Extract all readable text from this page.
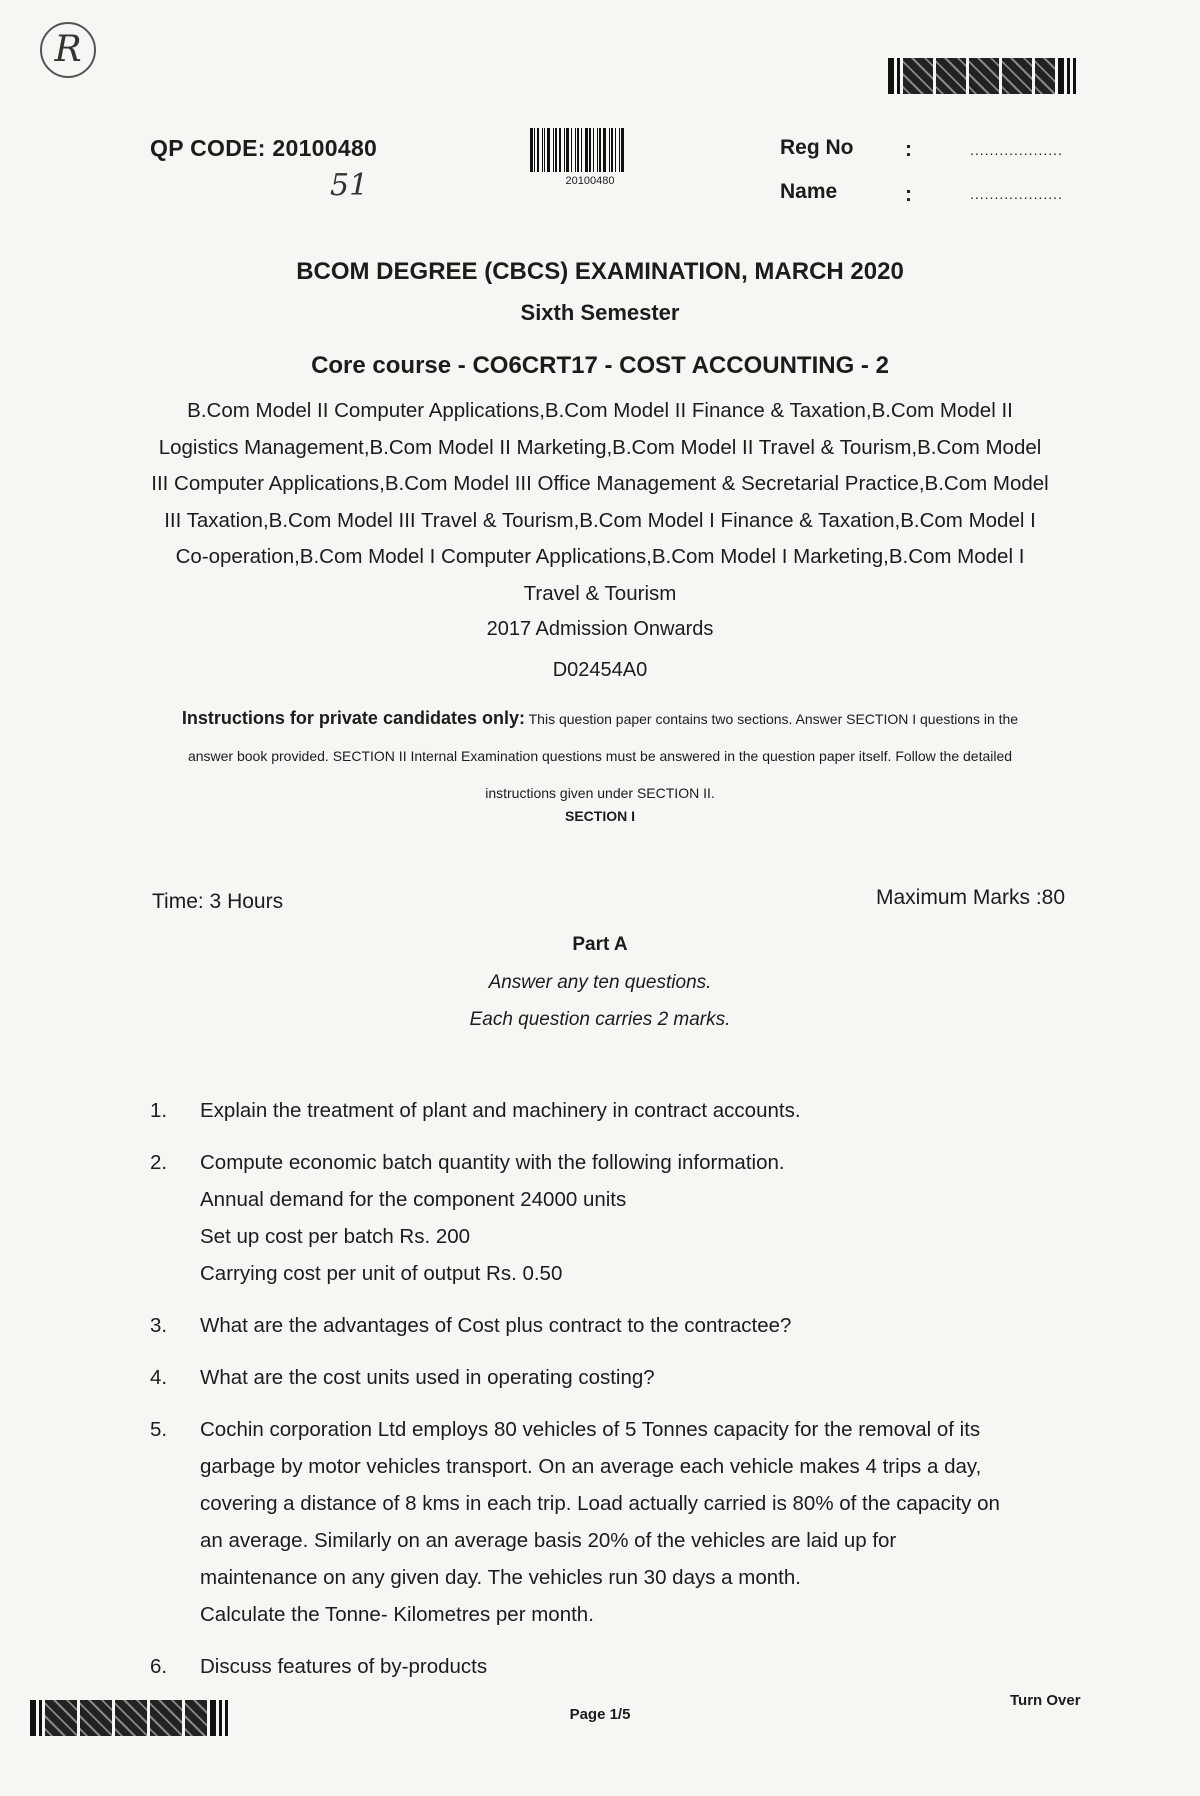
R
51
QP CODE: 20100480
20100480
Reg No :	...................
Name	:	...................
BCOM DEGREE (CBCS) EXAMINATION, MARCH 2020
Sixth Semester
Core course - CO6CRT17 - COST ACCOUNTING - 2
B.Com Model II Computer Applications,B.Com Model II Finance & Taxation,B.Com Model II
Logistics Management,B.Com Model II Marketing,B.Com Model II Travel & Tourism,B.Com Model
III Computer Applications,B.Com Model III Office Management & Secretarial Practice,B.Com Model
III Taxation,B.Com Model III Travel & Tourism,B.Com Model I Finance & Taxation,B.Com Model I
Co-operation,B.Com Model I Computer Applications,B.Com Model I Marketing,B.Com Model I
Travel & Tourism
2017 Admission Onwards
D02454A0
Instructions for private candidates only: This question paper contains two sections. Answer SECTION I questions in the
answer book provided. SECTION II Internal Examination questions must be answered in the question paper itself. Follow the detailed
instructions given under SECTION II.
SECTION I
Time: 3 Hours	Maximum Marks :80
Part A
Answer any ten questions.
Each question carries 2 marks.
1.	Explain the treatment of plant and machinery in contract accounts.
2.	Compute economic batch quantity with the following information.
Annual demand for the component 24000 units
Set up cost per batch Rs. 200
Carrying cost per unit of output Rs. 0.50
3.	What are the advantages of Cost plus contract to the contractee?
4.	What are the cost units used in operating costing?
5.	Cochin corporation Ltd employs 80 vehicles of 5 Tonnes capacity for the removal of its
garbage by motor vehicles transport. On an average each vehicle makes 4 trips a day,
covering a distance of 8 kms in each trip. Load actually carried is 80% of the capacity on
an average. Similarly on an average basis 20% of the vehicles are laid up for
maintenance on any given day. The vehicles run 30 days a month.
Calculate the Tonne- Kilometres per month.
6.	Discuss features of by-products
Page 1/5
Turn Over
